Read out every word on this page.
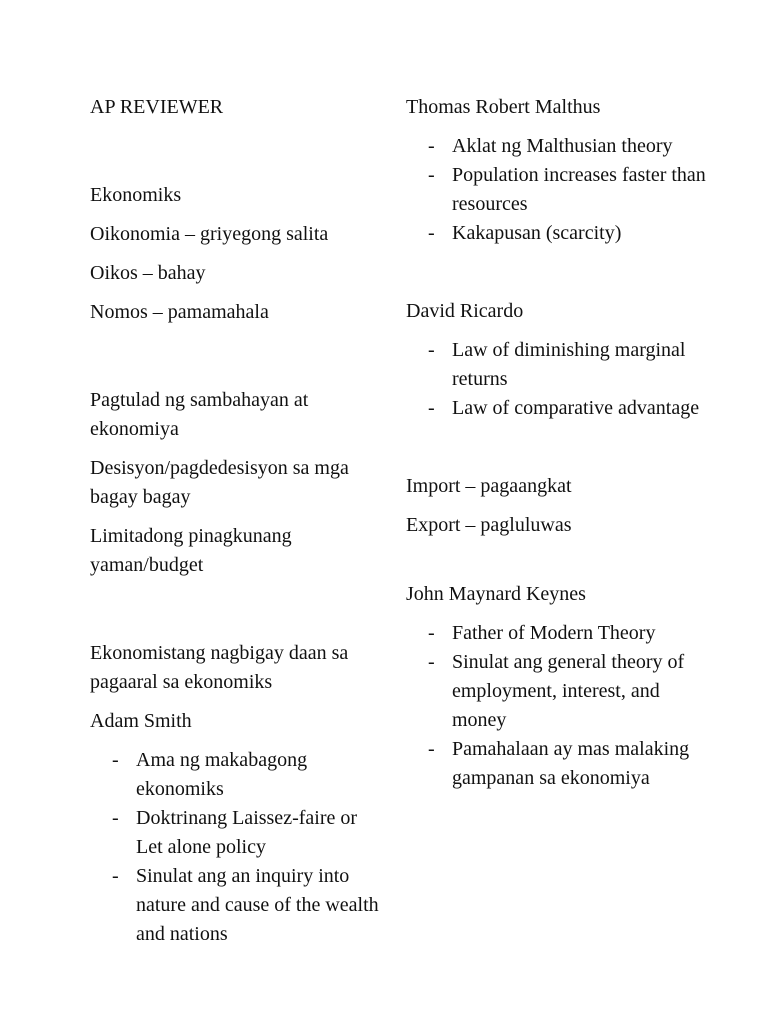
AP REVIEWER
Ekonomiks
Oikonomia – griyegong salita
Oikos – bahay
Nomos – pamamahala
Pagtulad ng sambahayan at ekonomiya
Desisyon/pagdedesisyon sa mga bagay bagay
Limitadong pinagkunang yaman/budget
Ekonomistang nagbigay daan sa pagaaral sa ekonomiks
Adam Smith
- Ama ng makabagong ekonomiks
- Doktrinang Laissez-faire or Let alone policy
- Sinulat ang an inquiry into nature and cause of the wealth and nations
Thomas Robert Malthus
- Aklat ng Malthusian theory
- Population increases faster than resources
- Kakapusan (scarcity)
David Ricardo
- Law of diminishing marginal returns
- Law of comparative advantage
Import – pagaangkat
Export – pagluluwas
John Maynard Keynes
- Father of Modern Theory
- Sinulat ang general theory of employment, interest, and money
- Pamahalaan ay mas malaking gampanan sa ekonomiya
